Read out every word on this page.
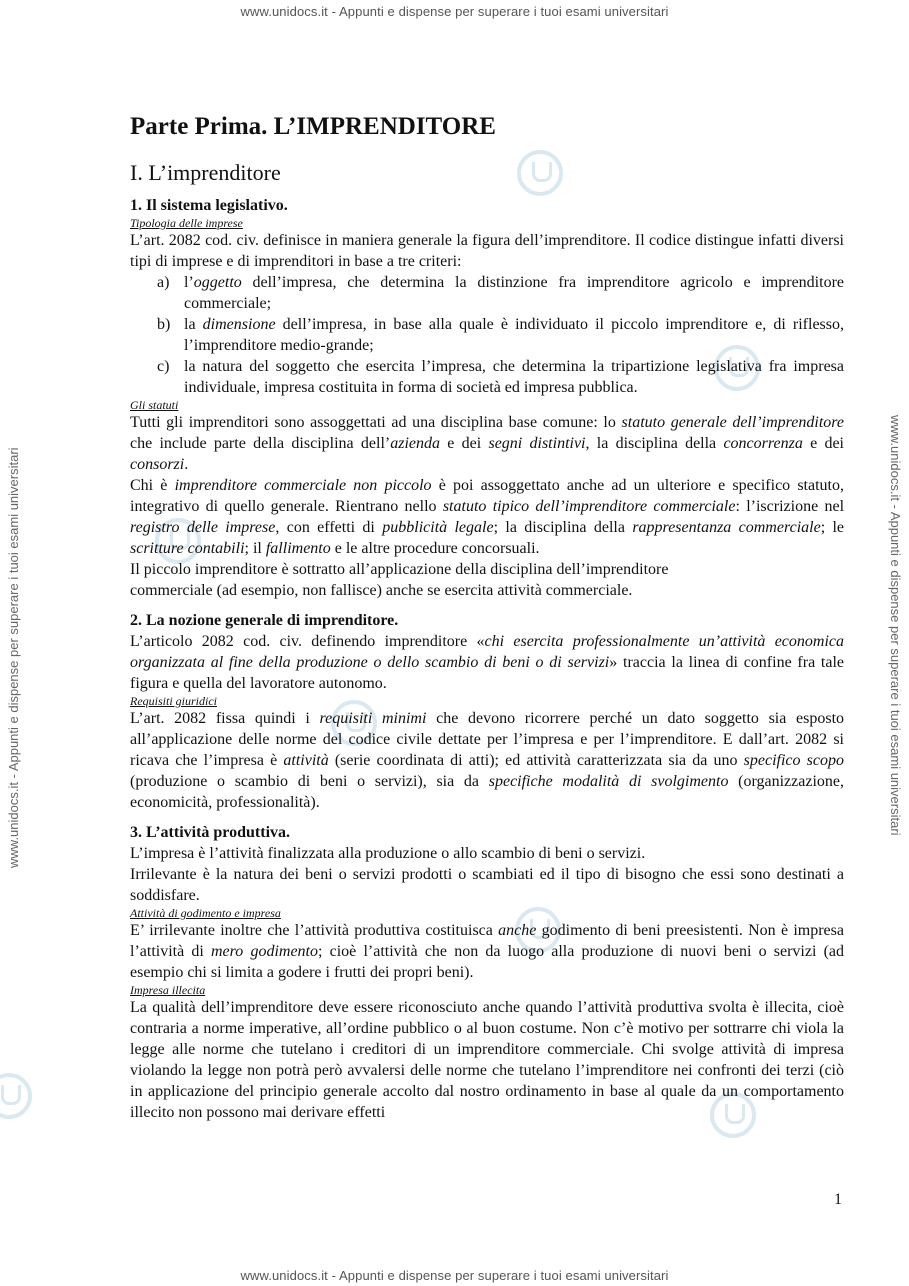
www.unidocs.it - Appunti e dispense per superare i tuoi esami universitari
www.unidocs.it - Appunti e dispense per superare i tuoi esami universitari
www.unidocs.it - Appunti e dispense per superare i tuoi esami universitari	www.unidocs.it - Appunti e dispense per superare i tuoi esami universitari
Parte Prima. L’IMPRENDITORE
I. L’imprenditore
1. Il sistema legislativo.
Tipologia delle imprese

L’art. 2082 cod. civ. definisce in maniera generale la figura dell’imprenditore. Il codice distingue infatti diversi tipi di imprese e di imprenditori in base a tre criteri:

a) l’oggetto dell’impresa, che determina la distinzione fra imprenditore agricolo e imprenditore commerciale;
b) la dimensione dell’impresa, in base alla quale è individuato il piccolo imprenditore e, di riflesso, l’imprenditore medio-grande;
c) la natura del soggetto che esercita l’impresa, che determina la tripartizione legislativa fra impresa individuale, impresa costituita in forma di società ed impresa pubblica.
Gli statuti

Tutti gli imprenditori sono assoggettati ad una disciplina base comune: lo statuto generale dell’imprenditore che include parte della disciplina dell’azienda e dei segni distintivi, la disciplina della concorrenza e dei consorzi.

Chi è imprenditore commerciale non piccolo è poi assoggettato anche ad un ulteriore e specifico statuto, integrativo di quello generale. Rientrano nello statuto tipico dell’imprenditore commerciale: l’iscrizione nel registro delle imprese, con effetti di pubblicità legale; la disciplina della rappresentanza commerciale; le scritture contabili; il fallimento e le altre procedure concorsuali.

Il piccolo imprenditore è sottratto all’applicazione della disciplina dell’imprenditore
commerciale (ad esempio, non fallisce) anche se esercita attività commerciale.

2. La nozione generale di imprenditore.

L’articolo 2082 cod. civ. definendo imprenditore «chi esercita professionalmente un’attività economica organizzata al fine della produzione o dello scambio di beni o di servizi» traccia la linea di confine fra tale figura e quella del lavoratore autonomo.

Requisiti giuridici

L’art. 2082 fissa quindi i requisiti minimi che devono ricorrere perché un dato soggetto sia esposto all’applicazione delle norme del codice civile dettate per l’impresa e per l’imprenditore. E dall’art. 2082 si ricava che l’impresa è attività (serie coordinata di atti); ed attività caratterizzata sia da uno specifico scopo (produzione o scambio di beni o servizi), sia da specifiche modalità di svolgimento (organizzazione, economicità, professionalità).

3. L’attività produttiva.

L’impresa è l’attività finalizzata alla produzione o allo scambio di beni o servizi.

Irrilevante è la natura dei beni o servizi prodotti o scambiati ed il tipo di bisogno che essi sono destinati a soddisfare.

Attività di godimento e impresa

E’ irrilevante inoltre che l’attività produttiva costituisca anche godimento di beni preesistenti. Non è impresa l’attività di mero godimento; cioè l’attività che non da luogo alla produzione di nuovi beni o servizi (ad esempio chi si limita a godere i frutti dei propri beni).

Impresa illecita

La qualità dell’imprenditore deve essere riconosciuto anche quando l’attività produttiva svolta è illecita, cioè contraria a norme imperative, all’ordine pubblico o al buon costume. Non c’è motivo per sottrarre chi viola la legge alle norme che tutelano i creditori di un imprenditore commerciale. Chi svolge attività di impresa violando la legge non potrà però avvalersi delle norme che tutelano l’imprenditore nei confronti dei terzi (ciò in applicazione del principio generale accolto dal nostro ordinamento in base al quale da un comportamento illecito non possono mai derivare effetti

1
